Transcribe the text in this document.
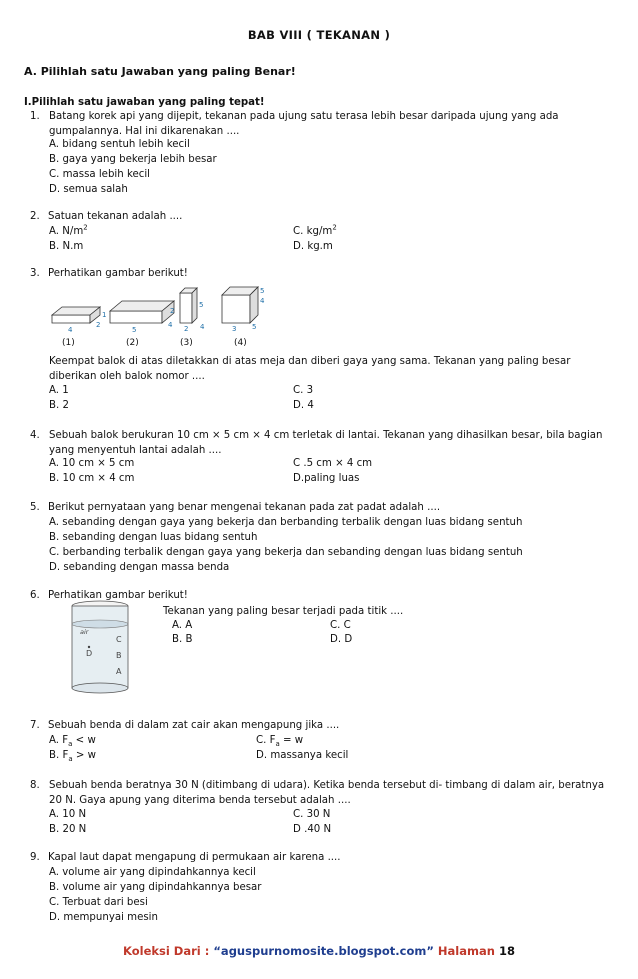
BAB VIII ( TEKANAN )
A. Pilihlah satu Jawaban yang paling Benar!
I.Pilihlah satu jawaban yang paling tepat!
1. Batang korek api yang dijepit, tekanan pada ujung satu terasa lebih besar daripada ujung yang ada gumpalannya. Hal ini dikarenakan ....
A. bidang sentuh lebih kecil
B. gaya yang bekerja lebih besar
C. massa lebih kecil
D. semua salah
2. Satuan tekanan adalah ....
A. $N/m^2$	C. $kg/m^2$
B. N.m	D. kg.m
3. Perhatikan gambar berikut!
1
4
2
5
4
2
5
2 4	3 5
4
5
(1)	(2)	(3)	(4)
Keempat balok di atas diletakkan di atas meja dan diberi gaya yang sama. Tekanan yang paling besar diberikan oleh balok nomor ....
A. 1	C. 3
B. 2	D. 4
4. Sebuah balok berukuran 10 cm × 5 cm × 4 cm terletak di lantai. Tekanan yang dihasilkan besar, bila bagian yang menyentuh lantai adalah ....
A. 10 cm × 5 cm	C .5 cm × 4 cm
B. 10 cm × 4 cm	D.paling luas
5. Berikut pernyataan yang benar mengenai tekanan pada zat padat adalah ....
A. sebanding dengan gaya yang bekerja dan berbanding terbalik dengan luas bidang sentuh
B. sebanding dengan luas bidang sentuh
C. berbanding terbalik dengan gaya yang bekerja dan sebanding dengan luas bidang sentuh
D. sebanding dengan massa benda
6. Perhatikan gambar berikut!
air
C
D	B
A
Tekanan yang paling besar terjadi pada titik ....
A. A	C. C
B. B	D. D
7. Sebuah benda di dalam zat cair akan mengapung jika ....
A. $F_a < w$	C. $F_a = w$
B. $F_a > w$	D. massanya kecil
8. Sebuah benda beratnya 30 N (ditimbang di udara). Ketika benda tersebut di- timbang di dalam air, beratnya 20 N. Gaya apung yang diterima benda tersebut adalah ....
A. 10 N	C. 30 N
B. 20 N	D .40 N
9. Kapal laut dapat mengapung di permukaan air karena ....
A. volume air yang dipindahkannya kecil
B. volume air yang dipindahkannya besar
C. Terbuat dari besi
D. mempunyai mesin
Koleksi Dari : “aguspurnomosite.blogspot.com” Halaman 18
